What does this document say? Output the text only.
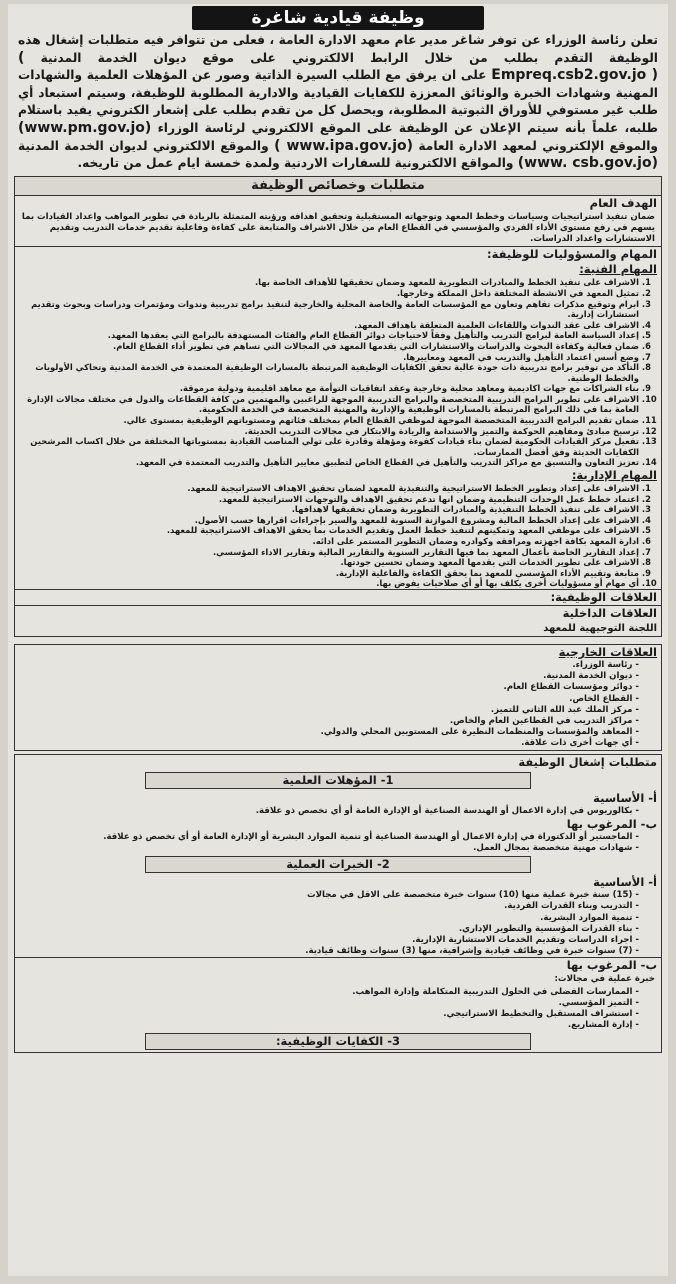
وظيفة قيادية شاغرة

تعلن رئاسة الوزراء عن توفر شاغر مدير عام معهد الادارة العامة ، فعلى من تتوافر فيه متطلبات إشغال هذه الوظيفة التقدم بطلب من خلال الرابط الالكتروني على موقع ديوان الخدمة المدنية ( Empreq.csb2.gov.jo ) على ان يرفق مع الطلب السيرة الذاتية وصور عن المؤهلات العلمية والشهادات المهنية وشهادات الخبرة والوثائق المعززة للكفايات القيادية والادارية المطلوبة للوظيفة، وسيتم استبعاد أي طلب غير مستوفي للأوراق الثبوتية المطلوبة، ويحصل كل من تقدم بطلب على إشعار الكتروني يفيد باستلام طلبه، علماً بأنه سيتم الإعلان عن الوظيفة على الموقع الالكتروني لرئاسة الوزراء (www.pm.gov.jo) والموقع الإلكتروني لمعهد الادارة العامة ( www.ipa.gov.jo) والموقع الالكتروني لديوان الخدمة المدنية (www. csb.gov.jo) والمواقع الالكترونية للسفارات الاردنية ولمدة خمسة ايام عمل من تاريخه.

متطلبات وخصائص الوظيفة
الهدف العام

ضمان تنفيذ استراتيجيات وسياسات وخطط المعهد وتوجهاته المستقبلية وتحقيق اهدافه ورؤيته المتمثلة بالريادة في تطوير المواهب واعداد القيادات بما يسهم في رفع مستوى الأداء الفردي والمؤسسي في القطاع العام من خلال الاشراف والمتابعة على كفاءة وفاعلية تقديم خدمات التدريب وتقديم الاستشارات واعداد الدراسات.

المهام والمسؤوليات للوظيفة:
المهام الفنية:
1. الاشراف على تنفيذ الخطط والمبادرات التطويرية للمعهد وضمان تحقيقها للأهداف الخاصة بها.
2. تمثيل المعهد في الانشطة المختلفة داخل المملكة وخارجها.
3. ابرام وتوقيع مذكرات تفاهم وتعاون مع المؤسسات العامة والخاصة المحلية والخارجية لتنفيذ برامج تدريبية وندوات ومؤتمرات ودراسات وبحوث وتقديم استشارات إدارية.
4. الاشراف على عقد الندوات واللقاءات العلمية المتعلقة باهداف المعهد.
5. إعداد السياسة العامة لبرامج التدريب والتأهيل وفقاً لاحتياجات دوائر القطاع العام والفئات المستهدفة بالبرامج التي يعقدها المعهد.
6. ضمان فعالية وكفاءة البحوث والدراسات والاستشارات التي يقدمها المعهد في المجالات التي تساهم في تطوير أداء القطاع العام.
7. وضع أسس اعتماد التأهيل والتدريب في المعهد ومعاييرها.
8. التأكد من توفير برامج تدريبية ذات جودة عالية تحقق الكفايات الوظيفية المرتبطة بالمسارات الوظيفية المعتمدة في الخدمة المدنية وتحاكي الأولويات والخطط الوطنية.
9. بناء الشراكات مع جهات اكاديمية ومعاهد محلية وخارجية وعقد اتفاقيات التوأمة مع معاهد اقليمية ودولية مرموقة.
10. الاشراف على تطوير البرامج التدريبية المتخصصة والبرامج التدريبية الموجهة للراغبين والمهتمين من كافة القطاعات والدول في مختلف مجالات الإدارة العامة بما في ذلك البرامج المرتبطة بالمسارات الوظيفية والإدارية والمهنية المتخصصة في الخدمة الحكومية.
11. ضمان تقديم البرامج التدريبية المتخصصة الموجهة لموظفي القطاع العام بمختلف فئاتهم ومستوياتهم الوظيفية بمستوى عالي.
12. ترسيخ مبادئ ومفاهيم الحوكمة والتميز والاستدامة والريادة والابتكار في مجالات التدريب الحديثة.
13. تفعيل مركز القيادات الحكومية لضمان بناء قيادات كفوءة ومؤهلة وقادرة على تولي المناصب القيادية بمستوياتها المختلفة من خلال اكساب المرشحين الكفايات الحديثة وفق أفضل الممارسات.
14. تعزيز التعاون والتنسيق مع مراكز التدريب والتأهيل في القطاع الخاص لتطبيق معايير التأهيل والتدريب المعتمدة في المعهد.
المهام الإدارية:
1. الاشراف على إعداد وتطوير الخطط الاستراتيجية والتنفيذية للمعهد لضمان تحقيق الاهداف الاستراتيجية للمعهد.
2. اعتماد خطط عمل الوحدات التنظيمية وضمان انها تدعم تحقيق الاهداف والتوجهات الاستراتيجية للمعهد.
3. الاشراف على تنفيذ الخطط التنفيذية والمبادرات التطويرية وضمان تحقيقها لاهدافها.
4. الاشراف على إعداد الخطط المالية ومشروع الموازنة السنوية للمعهد والسير بإجراءات اقرارها حسب الأصول.
5. الاشراف على موظفي المعهد وتمكينهم لتنفيذ خطط العمل وتقديم الخدمات بما يحقق الاهداف الاستراتيجية للمعهد.
6. ادارة المعهد بكافة اجهزته ومرافقه وكوادره وضمان التطوير المستمر على ادائه.
7. إعداد التقارير الخاصة بأعمال المعهد بما فيها التقارير السنوية والتقارير المالية وتقارير الاداء المؤسسي.
8. الاشراف على تطوير الخدمات التي يقدمها المعهد وضمان تحسين جودتها.
9. متابعة وتقييم الأداء المؤسسي للمعهد بما يحقق الكفاءة والفاعلية الإدارية.
10. أي مهام أو مسؤوليات أخرى يكلف بها أو أي صلاحيات يفوض بها.
العلاقات الوظيفية:
العلاقات الداخلية
اللجنة التوجيهية للمعهد
العلاقات الخارجية
- رئاسة الوزراء.
- ديوان الخدمة المدنية.
- دوائر ومؤسسات القطاع العام.
- القطاع الخاص.
- مركز الملك عبد الله الثاني للتميز.
- مراكز التدريب في القطاعين العام والخاص.
- المعاهد والمؤسسات والمنظمات النظيرة على المستويين المحلي والدولي.
- أي جهات أخرى ذات علاقة.
متطلبات إشغال الوظيفة
1- المؤهلات العلمية
أ- الأساسية
- بكالوريوس في إدارة الاعمال أو الهندسة الصناعية أو الإدارة العامة أو أي تخصص ذو علاقة.
ب- المرغوب بها
- الماجستير أو الدكتوراة في إدارة الاعمال أو الهندسة الصناعية أو تنمية الموارد البشرية أو الإدارة العامة أو أي تخصص ذو علاقة.
- شهادات مهنية متخصصة بمجال العمل.
2- الخبرات العملية
أ- الأساسية
- (15) سنة خبرة عملية منها (10) سنوات خبرة متخصصة على الاقل في مجالات
- التدريب وبناء القدرات الفردية.
- تنمية الموارد البشرية.
- بناء القدرات المؤسسية والتطوير الإداري.
- اجراء الدراسات وتقديم الخدمات الاستشارية الإدارية.
- (7) سنوات خبرة في وظائف قيادية وإشرافية، منها (3) سنوات وظائف قيادية.
ب- المرغوب بها
خبرة عملية في مجالات:
- الممارسات الفضلى في الحلول التدريبية المتكاملة وإدارة المواهب.
- التميز المؤسسي.
- استشراف المستقبل والتخطيط الاستراتيجي.
- إدارة المشاريع.
3- الكفايات الوظيفية:
